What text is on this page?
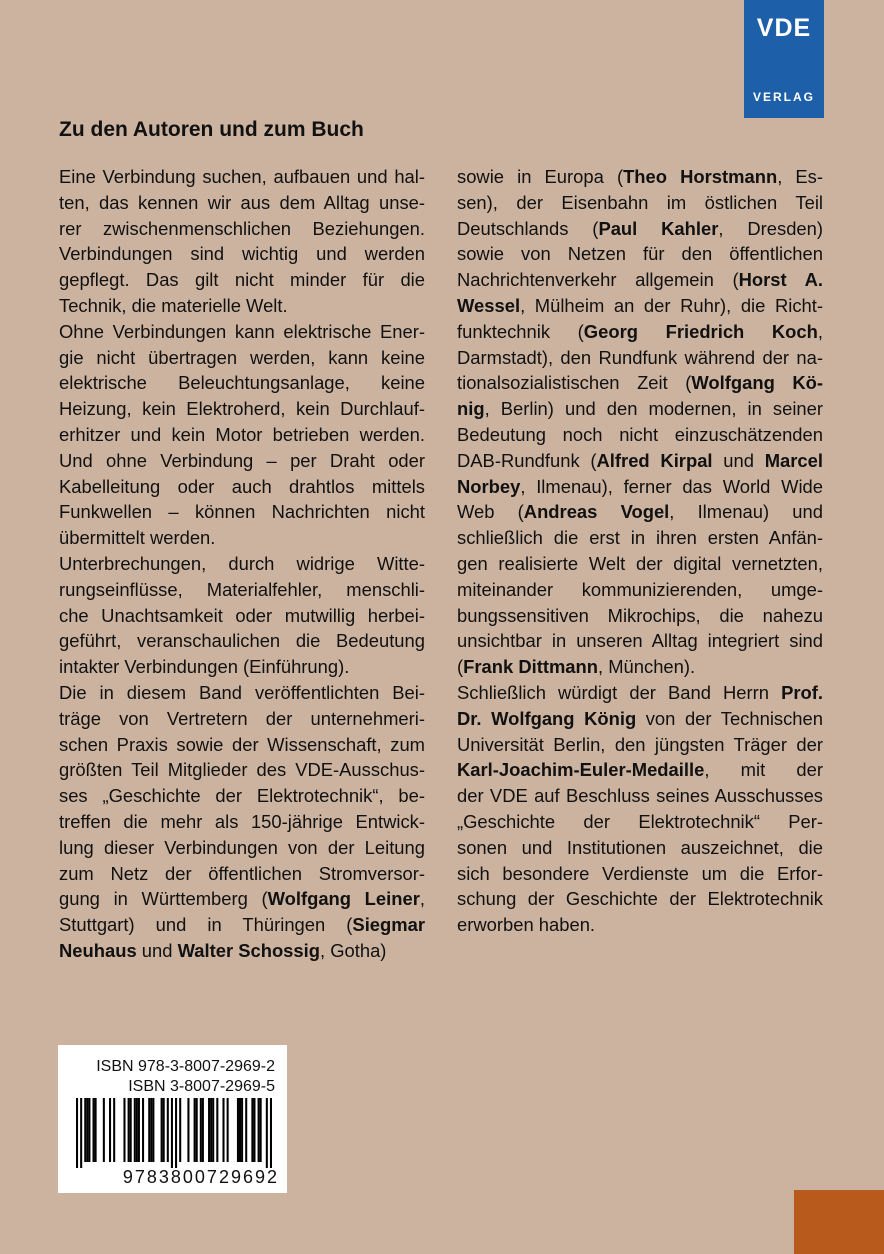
VDE
VERLAG
Zu den Autoren und zum Buch
Eine Verbindung suchen, aufbauen und hal-
ten, das kennen wir aus dem Alltag unse-
rer zwischenmenschlichen Beziehungen.
Verbindungen sind wichtig und werden
gepflegt. Das gilt nicht minder für die
Technik, die materielle Welt.
Ohne Verbindungen kann elektrische Ener-
gie nicht übertragen werden, kann keine
elektrische Beleuchtungsanlage, keine
Heizung, kein Elektroherd, kein Durchlauf-
erhitzer und kein Motor betrieben werden.
Und ohne Verbindung – per Draht oder
Kabelleitung oder auch drahtlos mittels
Funkwellen – können Nachrichten nicht
übermittelt werden.
Unterbrechungen, durch widrige Witte-
rungseinflüsse, Materialfehler, menschli-
che Unachtsamkeit oder mutwillig herbei-
geführt, veranschaulichen die Bedeutung
intakter Verbindungen (Einführung).
Die in diesem Band veröffentlichten Bei-
träge von Vertretern der unternehmeri-
schen Praxis sowie der Wissenschaft, zum
größten Teil Mitglieder des VDE-Ausschus-
ses „Geschichte der Elektrotechnik“, be-
treffen die mehr als 150-jährige Entwick-
lung dieser Verbindungen von der Leitung
zum Netz der öffentlichen Stromversor-
gung in Württemberg (Wolfgang Leiner,
Stuttgart) und in Thüringen (Siegmar
Neuhaus und Walter Schossig, Gotha)
sowie in Europa (Theo Horstmann, Es-
sen), der Eisenbahn im östlichen Teil
Deutschlands (Paul Kahler, Dresden)
sowie von Netzen für den öffentlichen
Nachrichtenverkehr allgemein (Horst A.
Wessel, Mülheim an der Ruhr), die Richt-
funktechnik (Georg Friedrich Koch,
Darmstadt), den Rundfunk während der na-
tionalsozialistischen Zeit (Wolfgang Kö-
nig, Berlin) und den modernen, in seiner
Bedeutung noch nicht einzuschätzenden
DAB-Rundfunk (Alfred Kirpal und Marcel
Norbey, Ilmenau), ferner das World Wide
Web (Andreas Vogel, Ilmenau) und
schließlich die erst in ihren ersten Anfän-
gen realisierte Welt der digital vernetzten,
miteinander kommunizierenden, umge-
bungssensitiven Mikrochips, die nahezu
unsichtbar in unseren Alltag integriert sind
(Frank Dittmann, München).
Schließlich würdigt der Band Herrn Prof.
Dr. Wolfgang König von der Technischen
Universität Berlin, den jüngsten Träger der
Karl-Joachim-Euler-Medaille, mit der
der VDE auf Beschluss seines Ausschusses
„Geschichte der Elektrotechnik“ Per-
sonen und Institutionen auszeichnet, die
sich besondere Verdienste um die Erfor-
schung der Geschichte der Elektrotechnik
erworben haben.
ISBN 978-3-8007-2969-2
ISBN 3-8007-2969-5
9783800729692
